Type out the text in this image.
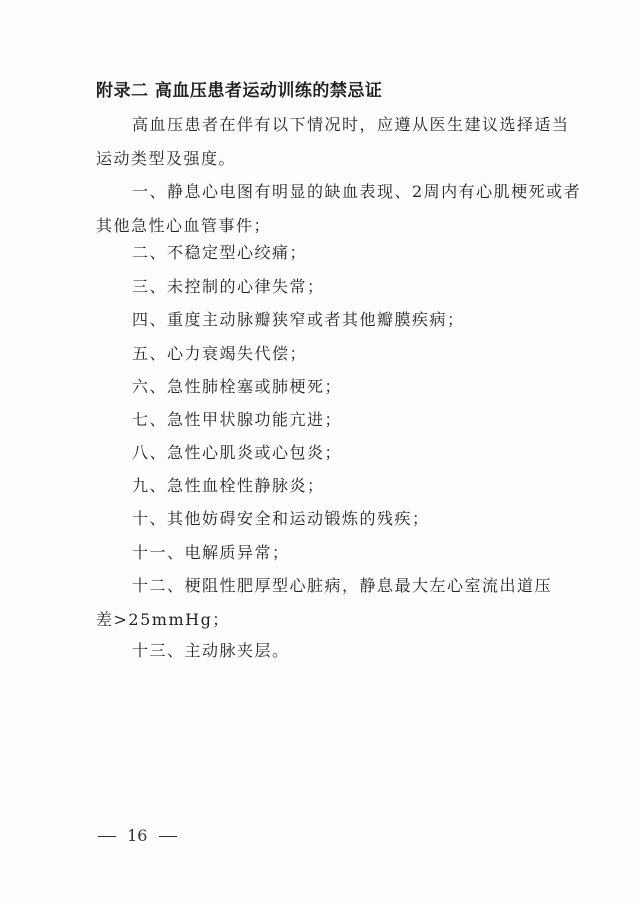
附录二 高血压患者运动训练的禁忌证
高血压患者在伴有以下情况时，应遵从医生建议选择适当
运动类型及强度。
一、静息心电图有明显的缺血表现、2周内有心肌梗死或者
其他急性心血管事件；
二、不稳定型心绞痛；
三、未控制的心律失常；
四、重度主动脉瓣狭窄或者其他瓣膜疾病；
五、心力衰竭失代偿；
六、急性肺栓塞或肺梗死；
七、急性甲状腺功能亢进；
八、急性心肌炎或心包炎；
九、急性血栓性静脉炎；
十、其他妨碍安全和运动锻炼的残疾；
十一、电解质异常；
十二、梗阻性肥厚型心脏病，静息最大左心室流出道压
差>25mmHg；
十三、主动脉夹层。
16
